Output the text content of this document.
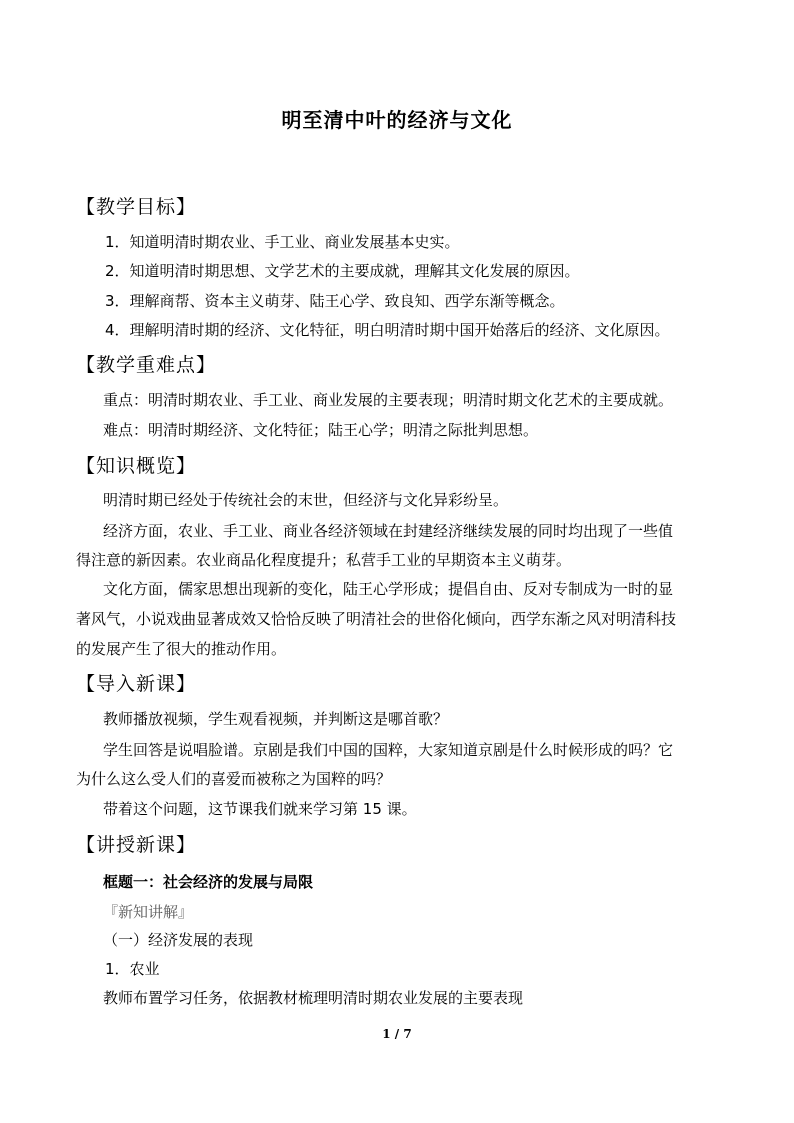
明至清中叶的经济与文化
【教学目标】
1．知道明清时期农业、手工业、商业发展基本史实。
2．知道明清时期思想、文学艺术的主要成就，理解其文化发展的原因。
3．理解商帮、资本主义萌芽、陆王心学、致良知、西学东渐等概念。
4．理解明清时期的经济、文化特征，明白明清时期中国开始落后的经济、文化原因。
【教学重难点】
重点：明清时期农业、手工业、商业发展的主要表现；明清时期文化艺术的主要成就。
难点：明清时期经济、文化特征；陆王心学；明清之际批判思想。
【知识概览】
明清时期已经处于传统社会的末世，但经济与文化异彩纷呈。
经济方面，农业、手工业、商业各经济领域在封建经济继续发展的同时均出现了一些值
得注意的新因素。农业商品化程度提升；私营手工业的早期资本主义萌芽。
文化方面，儒家思想出现新的变化，陆王心学形成；提倡自由、反对专制成为一时的显
著风气，小说戏曲显著成效又恰恰反映了明清社会的世俗化倾向，西学东渐之风对明清科技
的发展产生了很大的推动作用。
【导入新课】
教师播放视频，学生观看视频，并判断这是哪首歌？
学生回答是说唱脸谱。京剧是我们中国的国粹，大家知道京剧是什么时候形成的吗？它
为什么这么受人们的喜爱而被称之为国粹的吗？
带着这个问题，这节课我们就来学习第 15 课。
【讲授新课】
框题一：社会经济的发展与局限
『新知讲解』
（一）经济发展的表现
1．农业
教师布置学习任务，依据教材梳理明清时期农业发展的主要表现
1 / 7
